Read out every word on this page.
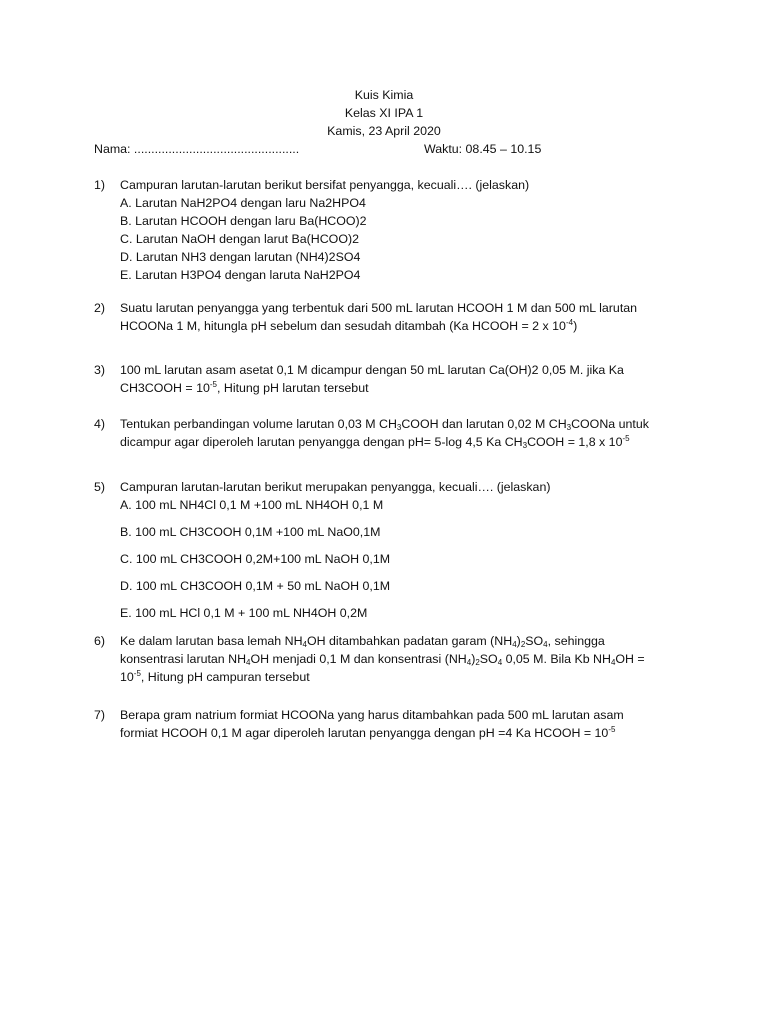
Kuis Kimia
Kelas XI IPA 1
Kamis, 23 April 2020
Nama: ................................................	Waktu: 08.45 – 10.15
1)	Campuran larutan-larutan berikut bersifat penyangga, kecuali…. (jelaskan)
A. Larutan NaH2PO4 dengan laru Na2HPO4
B. Larutan HCOOH dengan laru Ba(HCOO)2
C. Larutan NaOH dengan larut Ba(HCOO)2
D. Larutan NH3 dengan larutan (NH4)2SO4
E. Larutan H3PO4 dengan laruta NaH2PO4
2)	Suatu larutan penyangga yang terbentuk dari 500 mL larutan HCOOH 1 M dan 500 mL larutan
HCOONa 1 M, hitungla pH sebelum dan sesudah ditambah (Ka HCOOH = 2 x $10^{-4}$)
3)	100 mL larutan asam asetat 0,1 M dicampur dengan 50 mL larutan Ca(OH)2 0,05 M. jika Ka
CH3COOH = $10^{-5}$, Hitung pH larutan tersebut
4)	Tentukan perbandingan volume larutan 0,03 M $CH_3COOH$ dan larutan 0,02 M $CH_3COONa$ untuk
dicampur agar diperoleh larutan penyangga dengan pH= 5-log 4,5 Ka $CH_3COOH = 1,8$ x $10^{-5}$
5)	Campuran larutan-larutan berikut merupakan penyangga, kecuali…. (jelaskan)
A. 100 mL NH4Cl 0,1 M +100 mL NH4OH 0,1 M
B. 100 mL CH3COOH 0,1M +100 mL NaO0,1M
C. 100 mL CH3COOH 0,2M+100 mL NaOH 0,1M
D. 100 mL CH3COOH 0,1M + 50 mL NaOH 0,1M
E. 100 mL HCl 0,1 M + 100 mL NH4OH 0,2M
6)	Ke dalam larutan basa lemah $NH_4OH$ ditambahkan padatan garam $(NH_4)_2SO_4$, sehingga
konsentrasi larutan $NH_4OH$ menjadi 0,1 M dan konsentrasi $(NH_4)_2SO_4$ 0,05 M. Bila Kb $NH_4OH$ =
$10^{-5}$, Hitung pH campuran tersebut
7)	Berapa gram natrium formiat HCOONa yang harus ditambahkan pada 500 mL larutan asam
formiat HCOOH 0,1 M agar diperoleh larutan penyangga dengan pH =4 Ka HCOOH = $10^{-5}$
